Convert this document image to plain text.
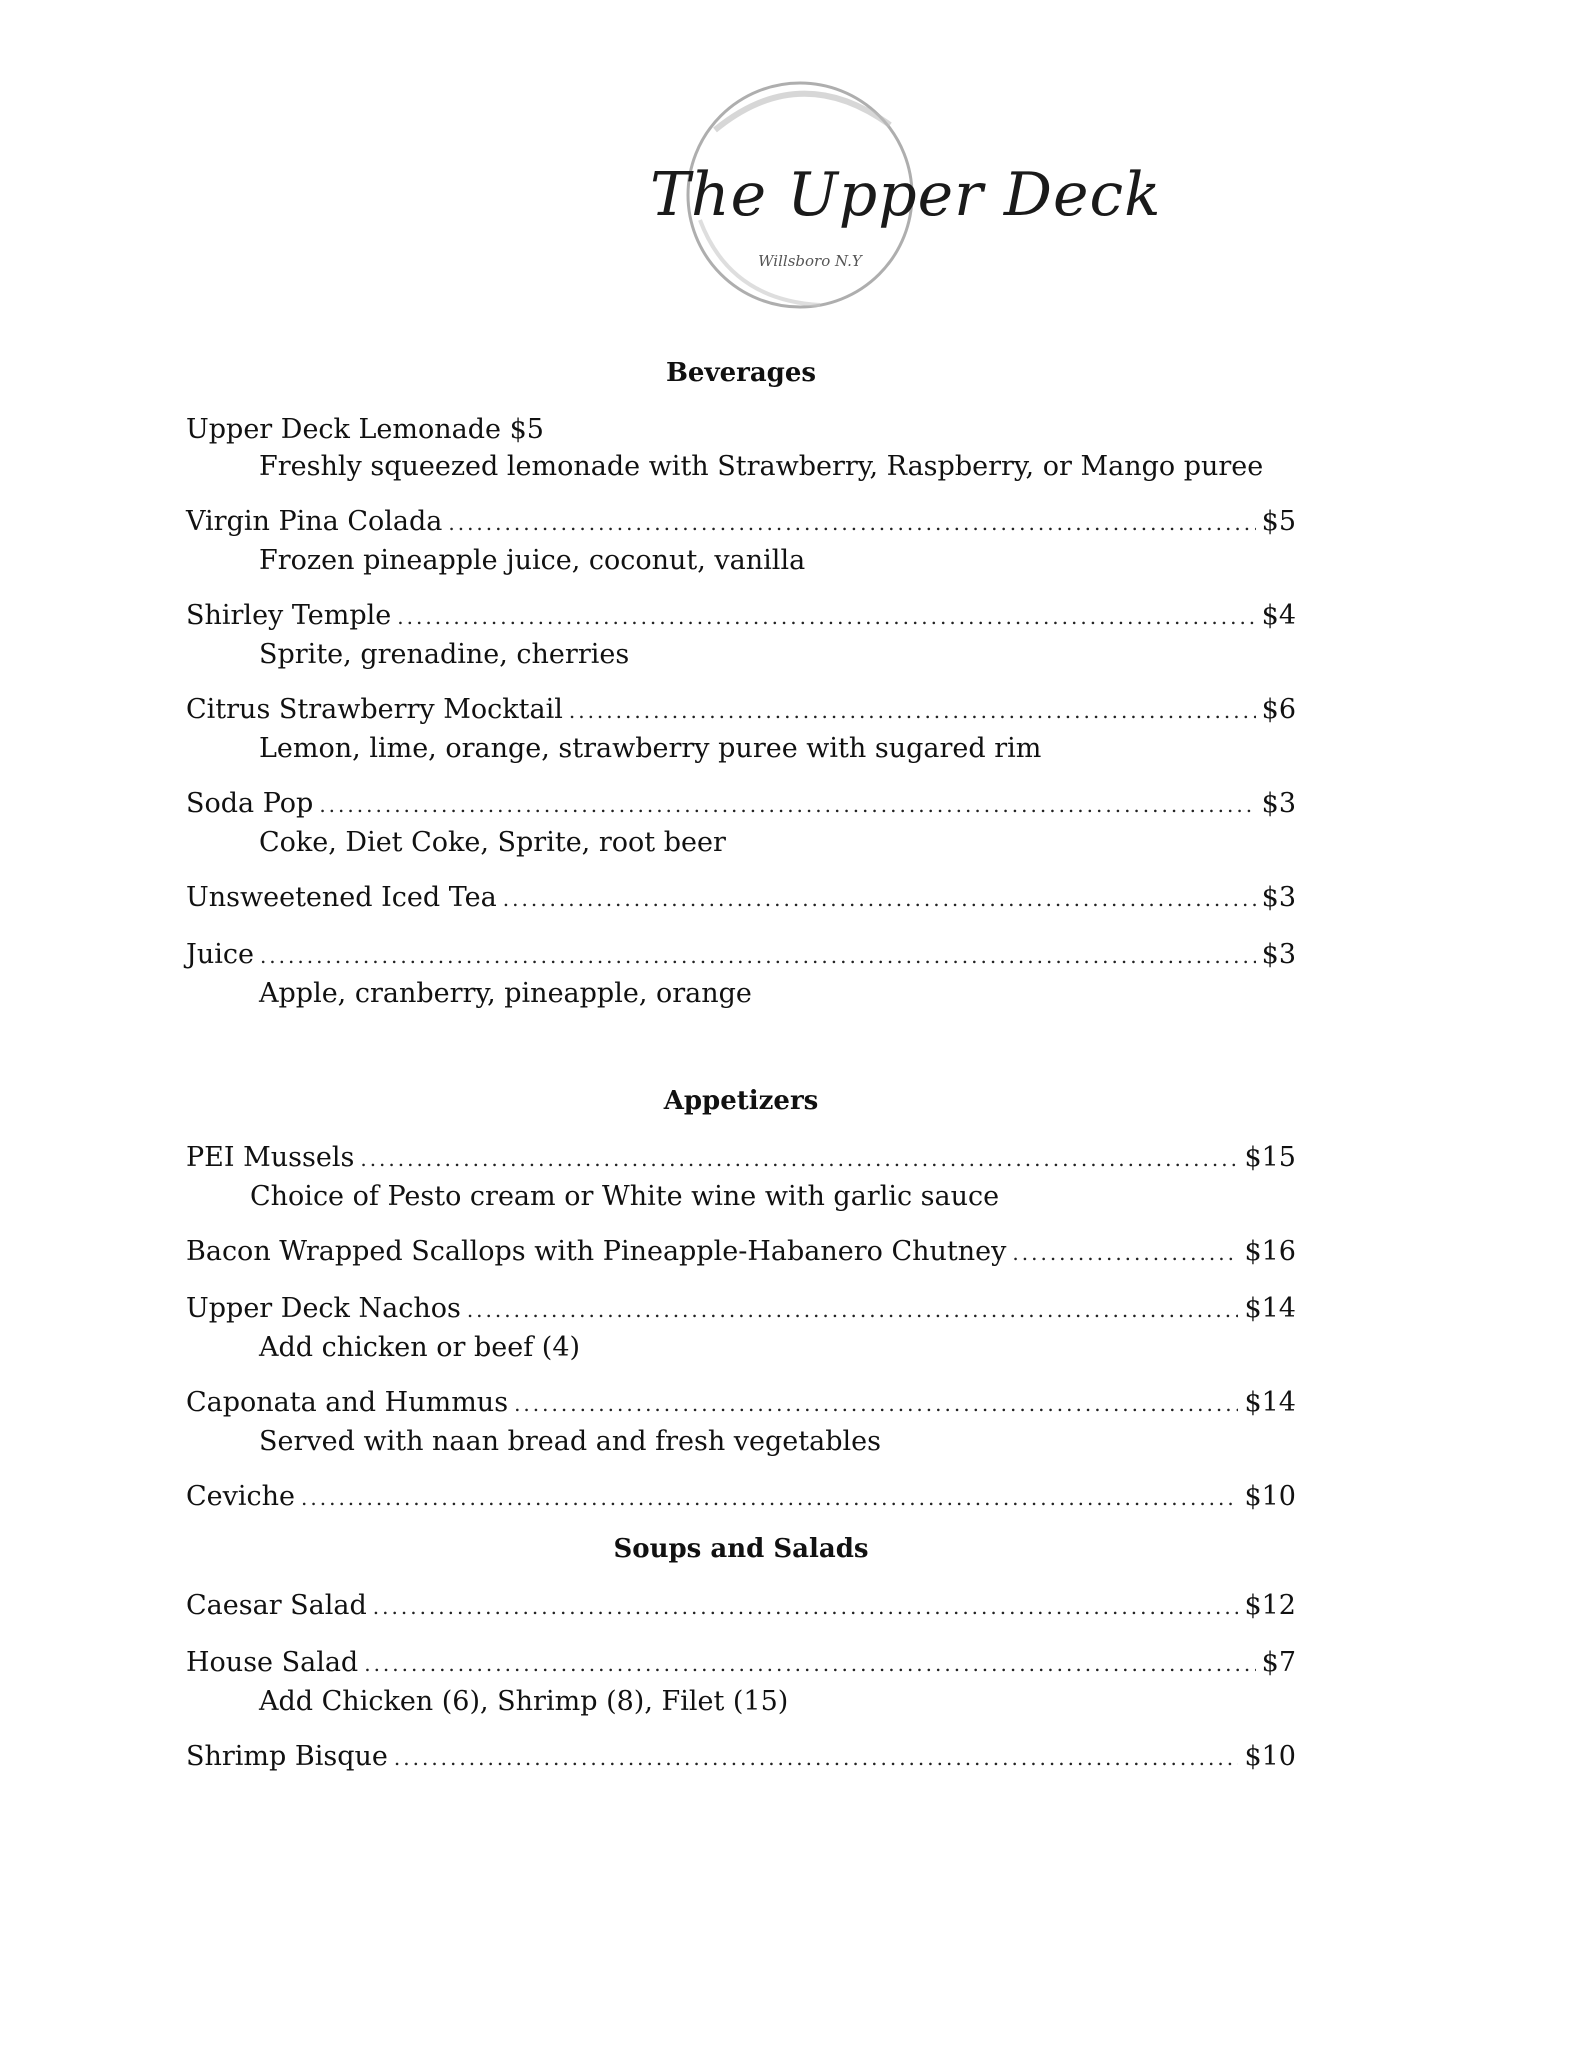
The Upper Deck
Willsboro N.Y
Beverages
Upper Deck Lemonade $5
Freshly squeezed lemonade with Strawberry, Raspberry, or Mango puree
Virgin Pina Colada .....	$5
Frozen pineapple juice, coconut, vanilla
Shirley Temple .....	$4
Sprite, grenadine, cherries
Citrus Strawberry Mocktail .....	$6
Lemon, lime, orange, strawberry puree with sugared rim
Soda Pop .....	$3
Coke, Diet Coke, Sprite, root beer
Unsweetened Iced Tea .....	$3
Juice .....	$3
Apple, cranberry, pineapple, orange
Appetizers
PEI Mussels .....	$15
Choice of Pesto cream or White wine with garlic sauce
Bacon Wrapped Scallops with Pineapple-Habanero Chutney .....	$16
Upper Deck Nachos .....	$14
Add chicken or beef (4)
Caponata and Hummus .....	$14
Served with naan bread and fresh vegetables
Ceviche .....	$10
Soups and Salads
Caesar Salad .....	$12
House Salad .....	$7
Add Chicken (6), Shrimp (8), Filet (15)
Shrimp Bisque .....	$10
